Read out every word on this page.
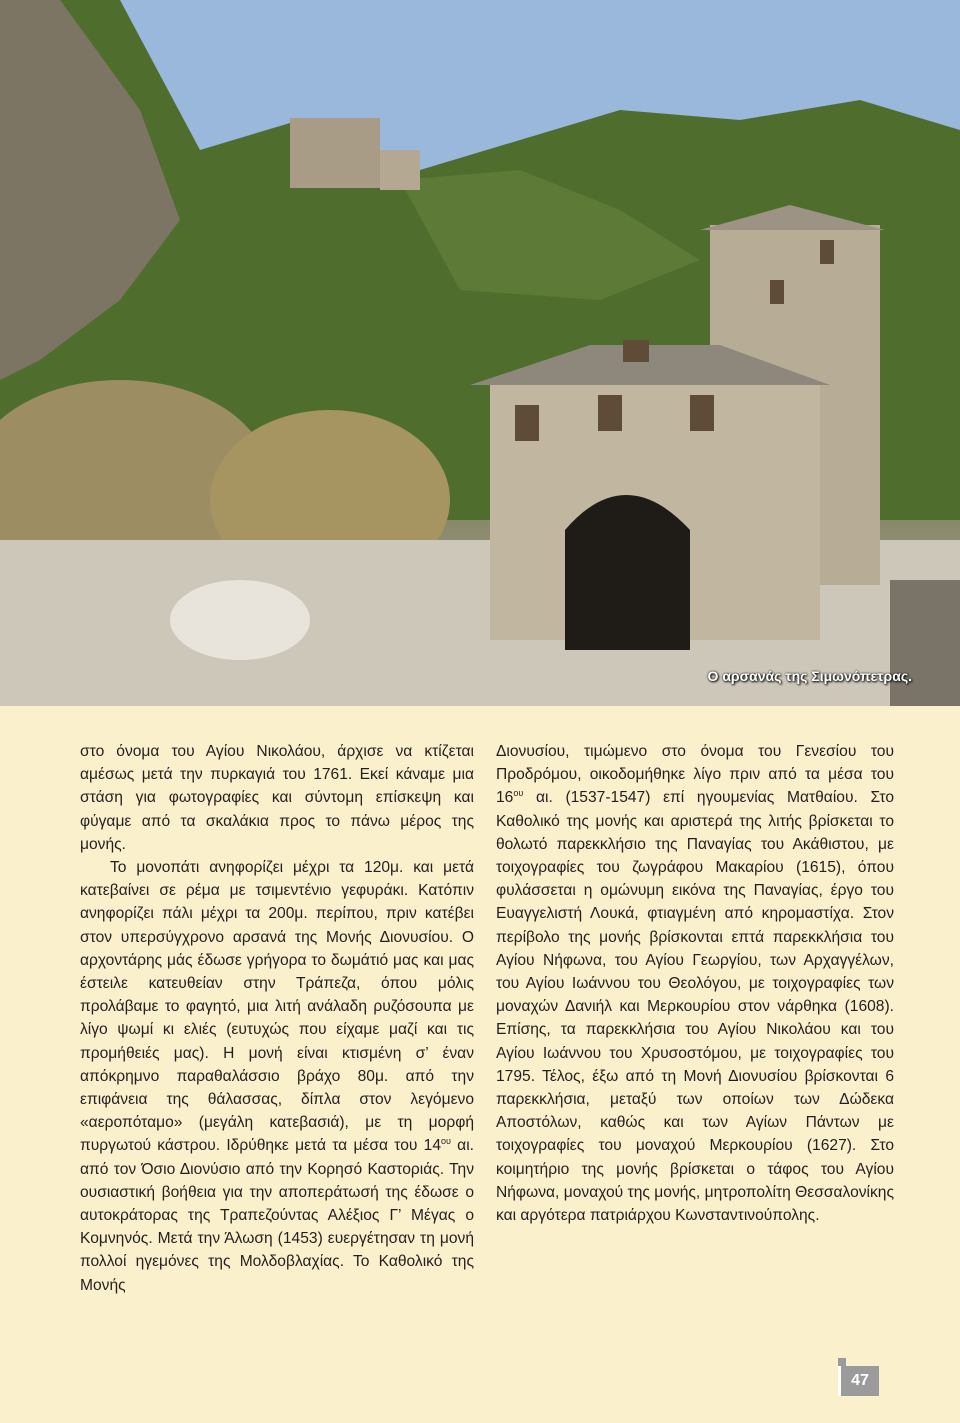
Ο αρσανάς της Σιμωνόπετρας.

στο όνομα του Αγίου Νικολάου, άρχισε να κτίζεται αμέσως μετά την πυρκαγιά του 1761. Εκεί κάναμε μια στάση για φωτογραφίες και σύντομη επίσκεψη και φύγαμε από τα σκαλάκια προς το πάνω μέρος της μονής.

Το μονοπάτι ανηφορίζει μέχρι τα 120μ. και μετά κατεβαίνει σε ρέμα με τσιμεντένιο γεφυράκι. Κατόπιν ανηφορίζει πάλι μέχρι τα 200μ. περίπου, πριν κατέβει στον υπερσύγχρονο αρσανά της Μονής Διονυσίου. Ο αρχοντάρης μάς έδωσε γρήγορα το δωμάτιό μας και μας έστειλε κατευθείαν στην Τράπεζα, όπου μόλις προλάβαμε το φαγητό, μια λιτή ανάλαδη ρυζόσουπα με λίγο ψωμί κι ελιές (ευτυχώς που είχαμε μαζί και τις προμήθειές μας). Η μονή είναι κτισμένη σ’ έναν απόκρημνο παραθαλάσσιο βράχο 80μ. από την επιφάνεια της θάλασσας, δίπλα στον λεγόμενο «αεροπόταμο» (μεγάλη κατεβασιά), με τη μορφή πυργωτού κάστρου. Ιδρύθηκε μετά τα μέσα του $14^{o\upsilon}$ αι. από τον Όσιο Διονύσιο από την Κορησό Καστοριάς. Την ουσιαστική βοήθεια για την αποπεράτωσή της έδωσε ο αυτοκράτορας της Τραπεζούντας Αλέξιος Γ’ Μέγας ο Κομνηνός. Μετά την Άλωση (1453) ευεργέτησαν τη μονή πολλοί ηγεμόνες της Μολδοβλαχίας. Το Καθολικό της Μονής

Διονυσίου, τιμώμενο στο όνομα του Γενεσίου του Προδρόμου, οικοδομήθηκε λίγο πριν από τα μέσα του $16^{o\upsilon}$ αι. (1537-1547) επί ηγουμενίας Ματθαίου. Στο Καθολικό της μονής και αριστερά της λιτής βρίσκεται το θολωτό παρεκκλήσιο της Παναγίας του Ακάθιστου, με τοιχογραφίες του ζωγράφου Μακαρίου (1615), όπου φυλάσσεται η ομώνυμη εικόνα της Παναγίας, έργο του Ευαγγελιστή Λουκά, φτιαγμένη από κηρομαστίχα. Στον περίβολο της μονής βρίσκονται επτά παρεκκλήσια του Αγίου Νήφωνα, του Αγίου Γεωργίου, των Αρχαγγέλων, του Αγίου Ιωάννου του Θεολόγου, με τοιχογραφίες των μοναχών Δανιήλ και Μερκουρίου στον νάρθηκα (1608). Επίσης, τα παρεκκλήσια του Αγίου Νικολάου και του Αγίου Ιωάννου του Χρυσοστόμου, με τοιχογραφίες του 1795. Τέλος, έξω από τη Μονή Διονυσίου βρίσκονται 6 παρεκκλήσια, μεταξύ των οποίων των Δώδεκα Αποστόλων, καθώς και των Αγίων Πάντων με τοιχογραφίες του μοναχού Μερκουρίου (1627). Στο κοιμητήριο της μονής βρίσκεται ο τάφος του Αγίου Νήφωνα, μοναχού της μονής, μητροπολίτη Θεσσαλονίκης και αργότερα πατριάρχου Κωνσταντινούπολης.

47
